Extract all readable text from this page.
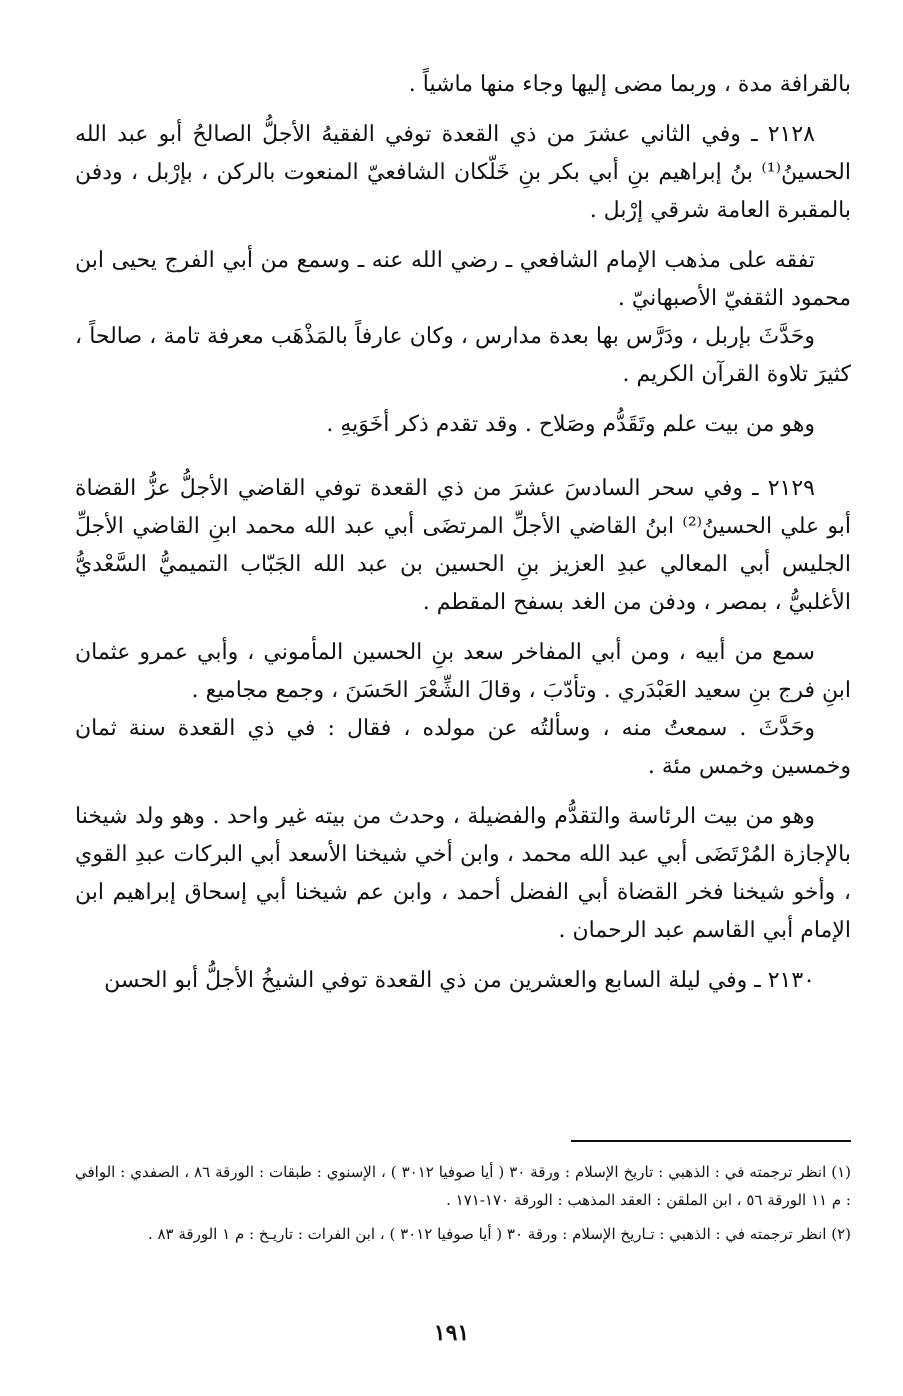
بالقرافة مدة ، وربما مضى إليها وجاء منها ماشياً .

٢١٢٨ ـ وفي الثاني عشرَ من ذي القعدة توفي الفقيهُ الأجلُّ الصالحُ أبو عبد الله الحسينُ⁽¹⁾ بنُ إبراهيم بنِ أبي بكر بنِ خَلّكان الشافعيّ المنعوت بالركن ، بإرْبل ، ودفن بالمقبرة العامة شرقي إرْبل .

تفقه على مذهب الإمام الشافعي ـ رضي الله عنه ـ وسمع من أبي الفرج يحيى ابن محمود الثقفيّ الأصبهانيّ .

وحَدَّثَ بإربل ، ودَرَّس بها بعدة مدارس ، وكان عارفاً بالمَذْهَب معرفة تامة ، صالحاً ، كثيرَ تلاوة القرآن الكريم .

وهو من بيت علم وتَقَدُّم وصَلاح . وقد تقدم ذكر أخَوَيهِ .

٢١٢٩ ـ وفي سحر السادسَ عشرَ من ذي القعدة توفي القاضي الأجلُّ عزُّ القضاة أبو علي الحسينُ⁽²⁾ ابنُ القاضي الأجلِّ المرتضَى أبي عبد الله محمد ابنِ القاضي الأجلِّ الجليس أبي المعالي عبدِ العزيز بنِ الحسين بن عبد الله الجَبّاب التميميُّ السَّعْديُّ الأغلبيُّ ، بمصر ، ودفن من الغد بسفح المقطم .

سمع من أبيه ، ومن أبي المفاخر سعد بنِ الحسين المأموني ، وأبي عمرو عثمان ابنِ فرج بنِ سعيد العَبْدَري . وتأدّبَ ، وقالَ الشِّعْرَ الحَسَنَ ، وجمع مجاميع .

وحَدَّثَ . سمعتُ منه ، وسألتُه عن مولده ، فقال : في ذي القعدة سنة ثمان وخمسين وخمس مئة .

وهو من بيت الرئاسة والتقدُّم والفضيلة ، وحدث من بيته غير واحد . وهو ولد شيخنا بالإجازة المُرْتَضَى أبي عبد الله محمد ، وابن أخي شيخنا الأسعد أبي البركات عبدِ القوي ، وأخو شيخنا فخر القضاة أبي الفضل أحمد ، وابن عم شيخنا أبي إسحاق إبراهيم ابن الإمام أبي القاسم عبد الرحمان .

٢١٣٠ ـ وفي ليلة السابع والعشرين من ذي القعدة توفي الشيخُ الأجلُّ أبو الحسن

(١) انظر ترجمته في : الذهبي : تاريخ الإسلام : ورقة ٣٠ ( أيا صوفيا ٣٠١٢ ) ، الإسنوي : طبقات : الورقة ٨٦ ، الصفدي : الوافي : م ١١ الورقة ٥٦ ، ابن الملقن : العقد المذهب : الورقة ١٧٠-١٧١ .

(٢) انظر ترجمته في : الذهبي : تـاريخ الإسلام : ورقة ٣٠ ( أيا صوفيا ٣٠١٢ ) ، ابن الفرات : تاريـخ : م ١ الورقة ٨٣ .

١٩١
